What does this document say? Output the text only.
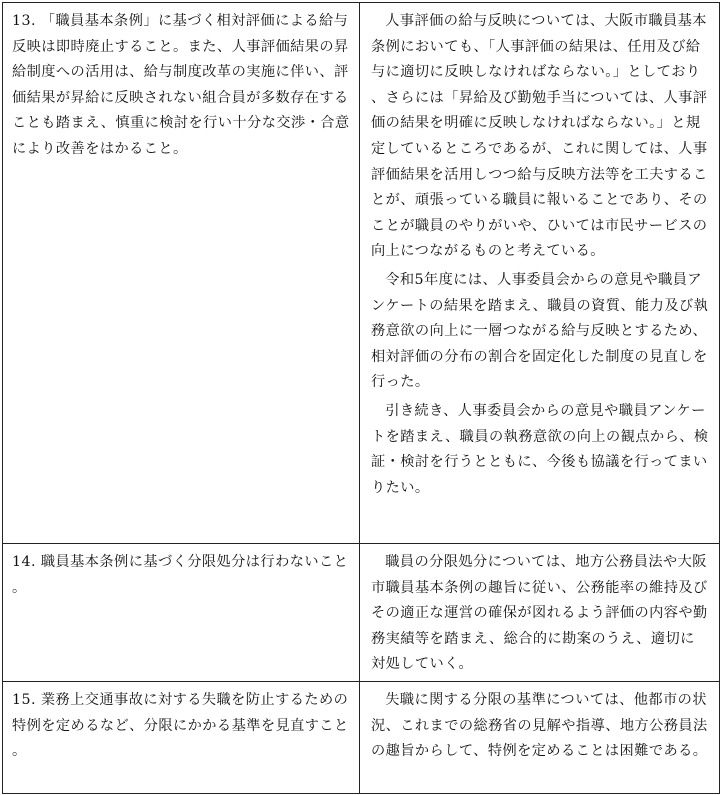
13. 「職員基本条例」に基づく相対評価による給与反映は即時廃止すること。また、人事評価結果の昇給制度への活用は、給与制度改革の実施に伴い、評価結果が昇給に反映されない組合員が多数存在することも踏まえ、慎重に検討を行い十分な交渉・合意により改善をはかること。	人事評価の給与反映については、大阪市職員基本条例においても、「人事評価の結果は、任用及び給与に適切に反映しなければならない。」としており、さらには「昇給及び勤勉手当については、人事評価の結果を明確に反映しなければならない。」と規定しているところであるが、これに関しては、人事評価結果を活用しつつ給与反映方法等を工夫することが、頑張っている職員に報いることであり、そのことが職員のやりがいや、ひいては市民サービスの向上につながるものと考えている。
令和5年度には、人事委員会からの意見や職員アンケートの結果を踏まえ、職員の資質、能力及び執務意欲の向上に一層つながる給与反映とするため、相対評価の分布の割合を固定化した制度の見直しを行った。
引き続き、人事委員会からの意見や職員アンケートを踏まえ、職員の執務意欲の向上の観点から、検証・検討を行うとともに、今後も協議を行ってまいりたい。

14. 職員基本条例に基づく分限処分は行わないこと。	職員の分限処分については、地方公務員法や大阪市職員基本条例の趣旨に従い、公務能率の維持及びその適正な運営の確保が図れるよう評価の内容や勤務実績等を踏まえ、総合的に勘案のうえ、適切に対処していく。

15. 業務上交通事故に対する失職を防止するための特例を定めるなど、分限にかかる基準を見直すこと。	失職に関する分限の基準については、他都市の状況、これまでの総務省の見解や指導、地方公務員法の趣旨からして、特例を定めることは困難である。
